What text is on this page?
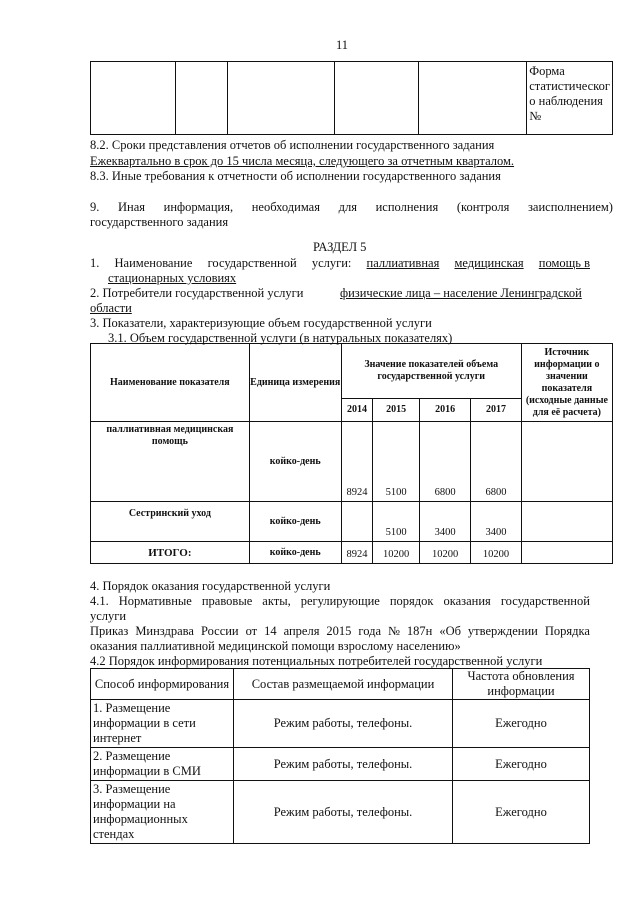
11

Форма
статистическог
о наблюдения
№
8.2. Сроки представления отчетов об исполнении государственного задания
Ежеквартально в срок до 15 числа месяца, следующего за отчетным кварталом.
8.3. Иные требования к отчетности об исполнении государственного задания
9. Иная информация, необходимая для исполнения (контроля заисполнением)
государственного задания
РАЗДЕЛ 5
1. Наименование государственной услуги: паллиативная медицинская помощь в
стационарных условиях
2. Потребители государственной услуги	физические лица – население Ленинградской
области
3. Показатели, характеризующие объем государственной услуги
3.1. Объем государственной услуги (в натуральных показателях)
Наименование показателя	Единица измерения	Значение показателей объема государственной услуги				Источник информации о значении показателя (исходные данные для её расчета)
		2014	2015	2016	2017	
паллиативная медицинская помощь	койко-день	8924	5100	6800	6800	
Сестринский уход	койко-день		5100	3400	3400	
ИТОГО:	койко-день	8924	10200	10200	10200	
4. Порядок оказания государственной услуги
4.1. Нормативные правовые акты, регулирующие порядок оказания государственной
услуги
Приказ Минздрава России от 14 апреля 2015 года № 187н «Об утверждении Порядка
оказания паллиативной медицинской помощи взрослому населению»
4.2 Порядок информирования потенциальных потребителей государственной услуги
Способ информирования	Состав размещаемой информации	Частота обновления информации
1. Размещение информации в сети интернет	Режим работы, телефоны.	Ежегодно
2. Размещение информации в СМИ	Режим работы, телефоны.	Ежегодно
3. Размещение информации на информационных стендах	Режим работы, телефоны.	Ежегодно
